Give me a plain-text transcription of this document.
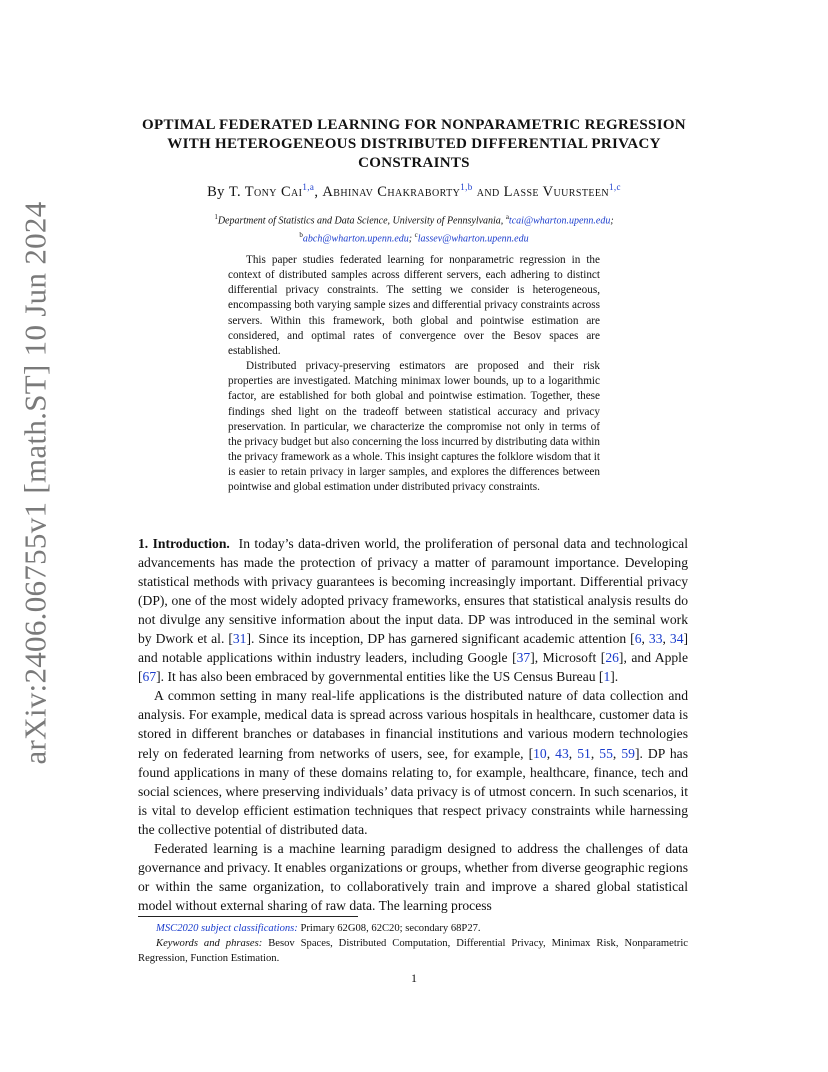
arXiv:2406.06755v1 [math.ST] 10 Jun 2024
OPTIMAL FEDERATED LEARNING FOR NONPARAMETRIC REGRESSION WITH HETEROGENEOUS DISTRIBUTED DIFFERENTIAL PRIVACY CONSTRAINTS
By T. Tony Cai$^{1,a}$, Abhinav Chakraborty$^{1,b}$ and Lasse Vuursteen$^{1,c}$
$^1$Department of Statistics and Data Science, University of Pennsylvania, $^a$tcai@wharton.upenn.edu;
$^b$abch@wharton.upenn.edu; $^c$lassev@wharton.upenn.edu

This paper studies federated learning for nonparametric regression in the context of distributed samples across different servers, each adhering to distinct differential privacy constraints. The setting we consider is heterogeneous, encompassing both varying sample sizes and differential privacy constraints across servers. Within this framework, both global and pointwise estimation are considered, and optimal rates of convergence over the Besov spaces are established.

Distributed privacy-preserving estimators are proposed and their risk properties are investigated. Matching minimax lower bounds, up to a logarithmic factor, are established for both global and pointwise estimation. Together, these findings shed light on the tradeoff between statistical accuracy and privacy preservation. In particular, we characterize the compromise not only in terms of the privacy budget but also concerning the loss incurred by distributing data within the privacy framework as a whole. This insight captures the folklore wisdom that it is easier to retain privacy in larger samples, and explores the differences between pointwise and global estimation under distributed privacy constraints.

1. Introduction. In today’s data-driven world, the proliferation of personal data and technological advancements has made the protection of privacy a matter of paramount importance. Developing statistical methods with privacy guarantees is becoming increasingly important. Differential privacy (DP), one of the most widely adopted privacy frameworks, ensures that statistical analysis results do not divulge any sensitive information about the input data. DP was introduced in the seminal work by Dwork et al. [31]. Since its inception, DP has garnered significant academic attention [6, 33, 34] and notable applications within industry leaders, including Google [37], Microsoft [26], and Apple [67]. It has also been embraced by governmental entities like the US Census Bureau [1].

A common setting in many real-life applications is the distributed nature of data collection and analysis. For example, medical data is spread across various hospitals in healthcare, customer data is stored in different branches or databases in financial institutions and various modern technologies rely on federated learning from networks of users, see, for example, [10, 43, 51, 55, 59]. DP has found applications in many of these domains relating to, for example, healthcare, finance, tech and social sciences, where preserving individuals’ data privacy is of utmost concern. In such scenarios, it is vital to develop efficient estimation techniques that respect privacy constraints while harnessing the collective potential of distributed data.

Federated learning is a machine learning paradigm designed to address the challenges of data governance and privacy. It enables organizations or groups, whether from diverse geographic regions or within the same organization, to collaboratively train and improve a shared global statistical model without external sharing of raw data. The learning process

MSC2020 subject classifications: Primary 62G08, 62C20; secondary 68P27.

Keywords and phrases: Besov Spaces, Distributed Computation, Differential Privacy, Minimax Risk, Nonparametric Regression, Function Estimation.

1
